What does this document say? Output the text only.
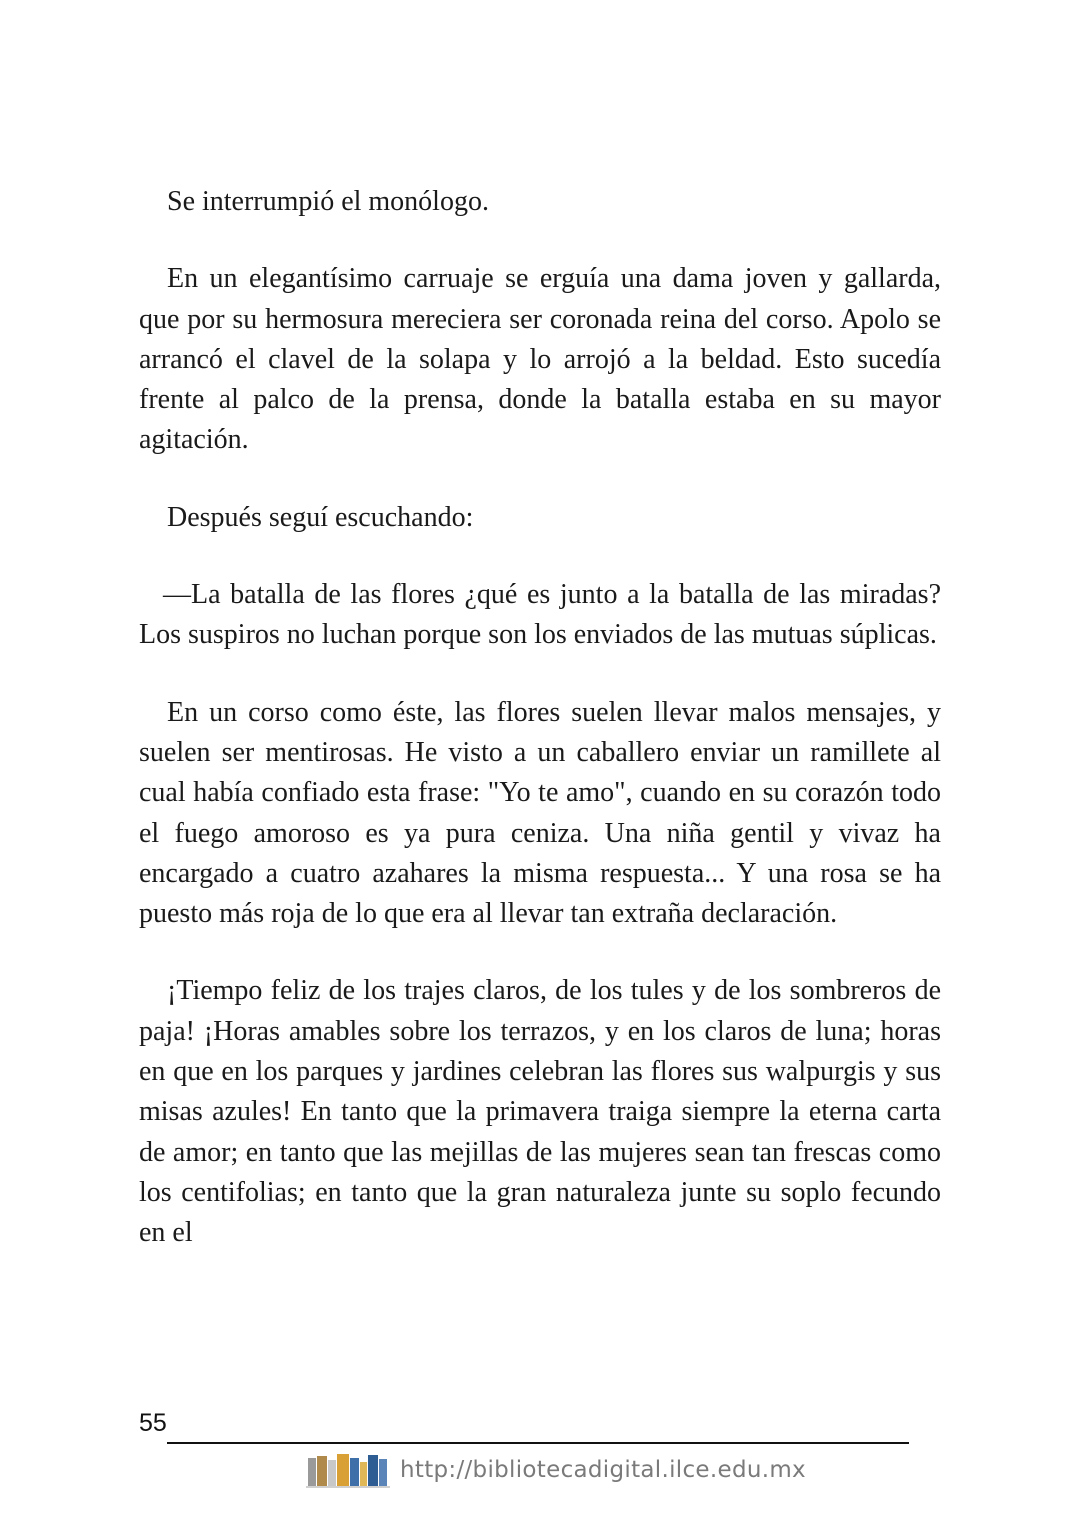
Se interrumpió el monólogo.

En un elegantísimo carruaje se erguía una dama joven y gallarda, que por su hermosura mereciera ser coronada reina del corso. Apolo se arrancó el clavel de la solapa y lo arrojó a la beldad. Esto sucedía frente al palco de la prensa, donde la batalla estaba en su mayor agitación.

Después seguí escuchando:

—La batalla de las flores ¿qué es junto a la batalla de las miradas? Los suspiros no luchan porque son los enviados de las mutuas súplicas.

En un corso como éste, las flores suelen llevar malos mensajes, y suelen ser mentirosas. He visto a un caballero enviar un ramillete al cual había confiado esta frase: "Yo te amo", cuando en su corazón todo el fuego amoroso es ya pura ceniza. Una niña gentil y vivaz ha encargado a cuatro azahares la misma respuesta... Y una rosa se ha puesto más roja de lo que era al llevar tan extraña declaración.

¡Tiempo feliz de los trajes claros, de los tules y de los sombreros de paja! ¡Horas amables sobre los terrazos, y en los claros de luna; horas en que en los parques y jardines celebran las flores sus walpurgis y sus misas azules! En tanto que la primavera traiga siempre la eterna carta de amor; en tanto que las mejillas de las mujeres sean tan frescas como los centifolias; en tanto que la gran naturaleza junte su soplo fecundo en el

55
http://bibliotecadigital.ilce.edu.mx
